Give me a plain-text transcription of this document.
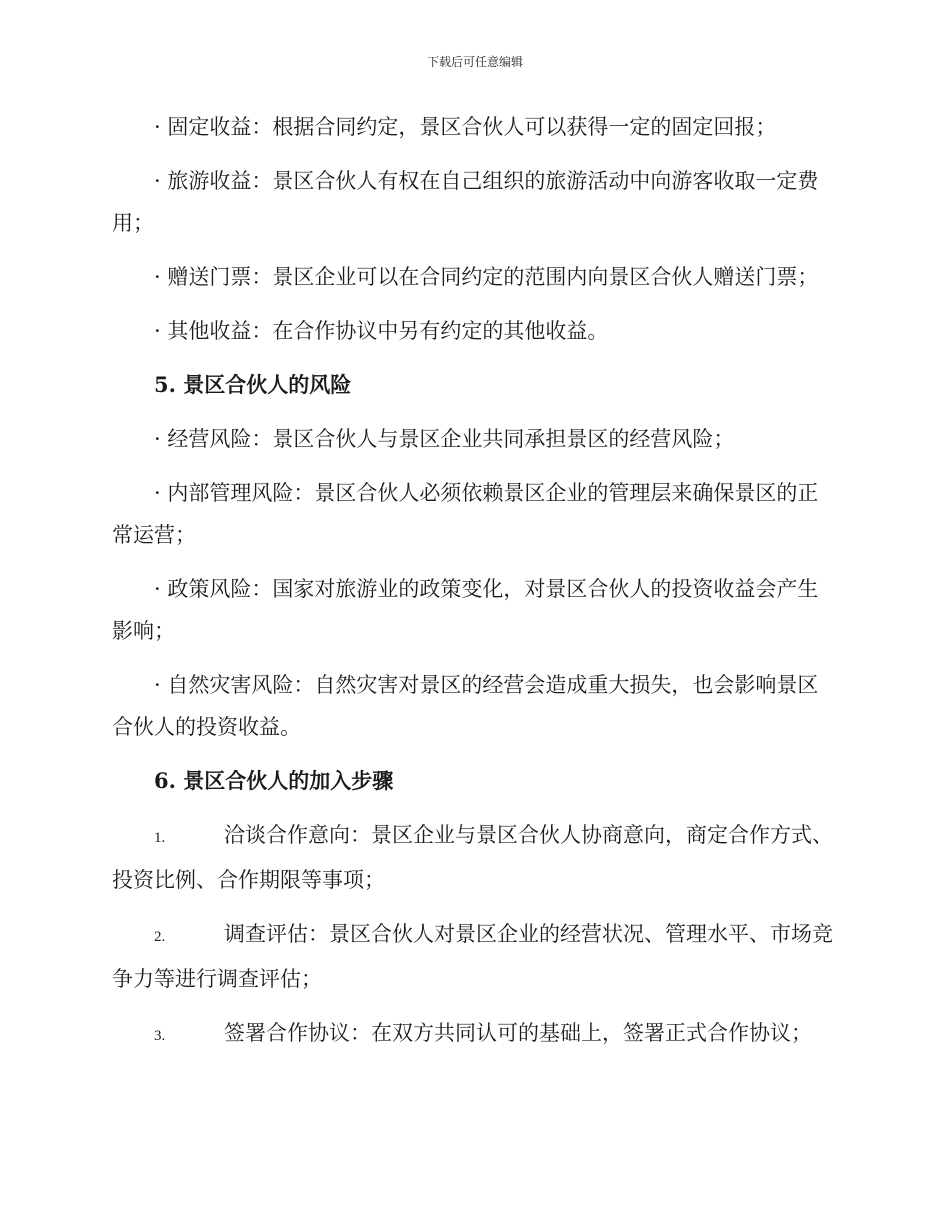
下载后可任意编辑

· 固定收益：根据合同约定，景区合伙人可以获得一定的固定回报；

· 旅游收益：景区合伙人有权在自己组织的旅游活动中向游客收取一定费用；

· 赠送门票：景区企业可以在合同约定的范围内向景区合伙人赠送门票；

· 其他收益：在合作协议中另有约定的其他收益。

5. 景区合伙人的风险

· 经营风险：景区合伙人与景区企业共同承担景区的经营风险；

· 内部管理风险：景区合伙人必须依赖景区企业的管理层来确保景区的正常运营；

· 政策风险：国家对旅游业的政策变化，对景区合伙人的投资收益会产生影响；

· 自然灾害风险：自然灾害对景区的经营会造成重大损失，也会影响景区合伙人的投资收益。

6. 景区合伙人的加入步骤

1.	洽谈合作意向：景区企业与景区合伙人协商意向，商定合作方式、投资比例、合作期限等事项；

2.	调查评估：景区合伙人对景区企业的经营状况、管理水平、市场竞争力等进行调查评估；

3.	签署合作协议：在双方共同认可的基础上，签署正式合作协议；
